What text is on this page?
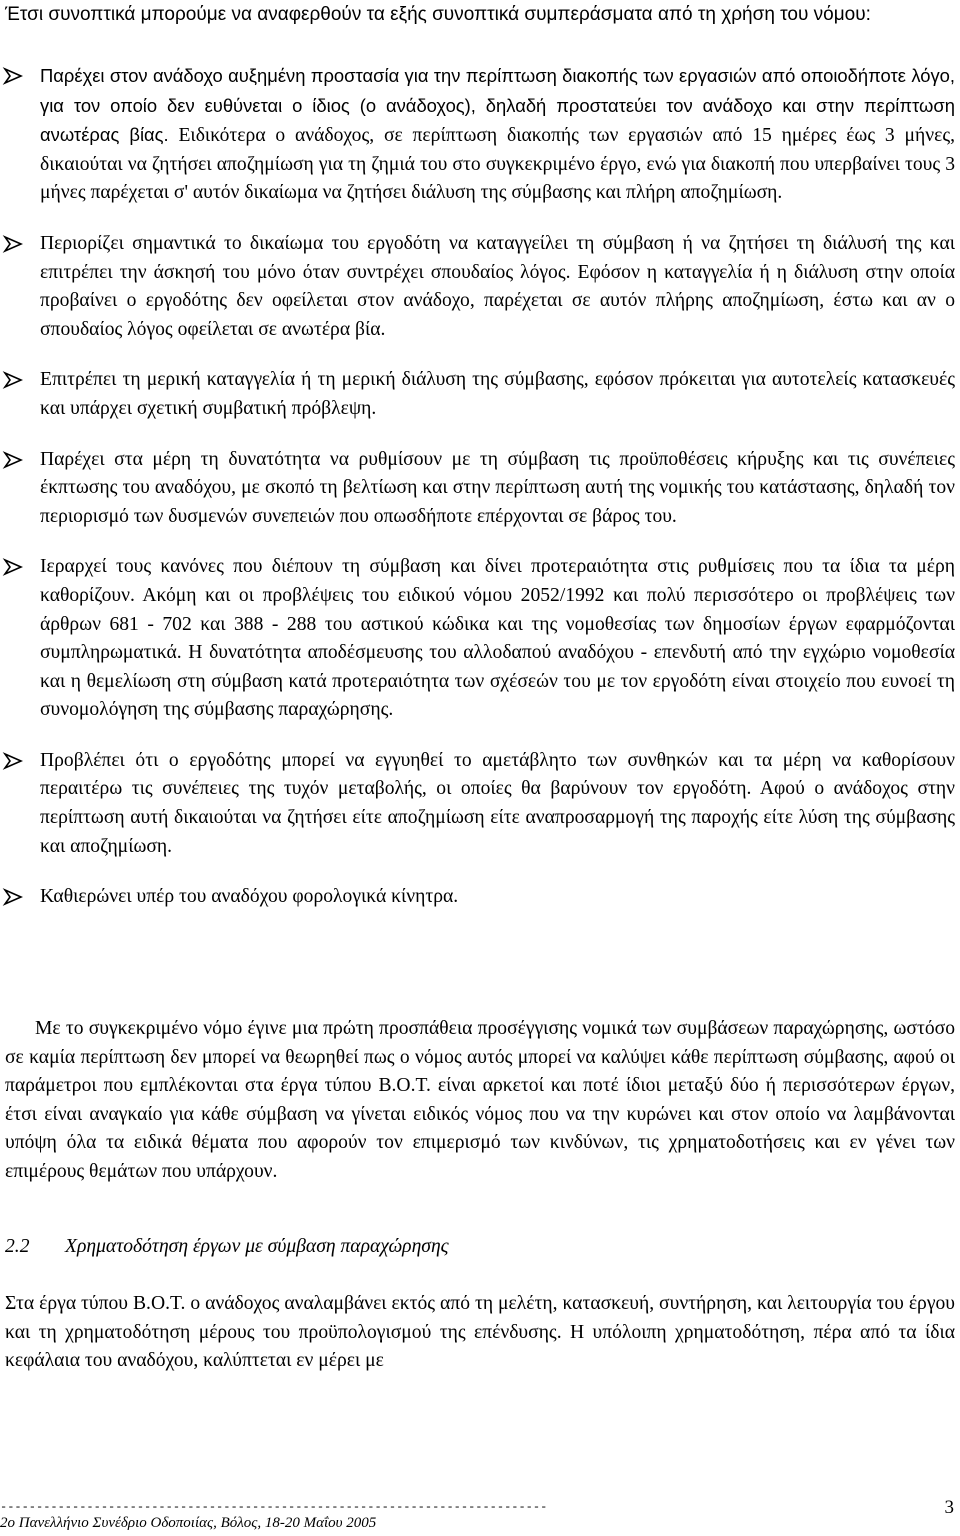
Έτσι συνοπτικά μπορούμε να αναφερθούν τα εξής συνοπτικά συμπεράσματα από τη χρήση του νόμου:

Παρέχει στον ανάδοχο αυξημένη προστασία για την περίπτωση διακοπής των εργασιών από οποιοδήποτε λόγο, για τον οποίο δεν ευθύνεται ο ίδιος (ο ανάδοχος), δηλαδή προστατεύει τον ανάδοχο και στην περίπτωση ανωτέρας βίας. Ειδικότερα ο ανάδοχος, σε περίπτωση διακοπής των εργασιών από 15 ημέρες έως 3 μήνες, δικαιούται να ζητήσει αποζημίωση για τη ζημιά του στο συγκεκριμένο έργο, ενώ για διακοπή που υπερβαίνει τους 3 μήνες παρέχεται σ' αυτόν δικαίωμα να ζητήσει διάλυση της σύμβασης και πλήρη αποζημίωση.
Περιορίζει σημαντικά το δικαίωμα του εργοδότη να καταγγείλει τη σύμβαση ή να ζητήσει τη διάλυσή της και επιτρέπει την άσκησή του μόνο όταν συντρέχει σπουδαίος λόγος. Εφόσον η καταγγελία ή η διάλυση στην οποία προβαίνει ο εργοδότης δεν οφείλεται στον ανάδοχο, παρέχεται σε αυτόν πλήρης αποζημίωση, έστω και αν ο σπουδαίος λόγος οφείλεται σε ανωτέρα βία.
Επιτρέπει τη μερική καταγγελία ή τη μερική διάλυση της σύμβασης, εφόσον πρόκειται για αυτοτελείς κατασκευές και υπάρχει σχετική συμβατική πρόβλεψη.
Παρέχει στα μέρη τη δυνατότητα να ρυθμίσουν με τη σύμβαση τις προϋποθέσεις κήρυξης και τις συνέπειες έκπτωσης του αναδόχου, με σκοπό τη βελτίωση και στην περίπτωση αυτή της νομικής του κατάστασης, δηλαδή τον περιορισμό των δυσμενών συνεπειών που οπωσδήποτε επέρχονται σε βάρος του.
Ιεραρχεί τους κανόνες που διέπουν τη σύμβαση και δίνει προτεραιότητα στις ρυθμίσεις που τα ίδια τα μέρη καθορίζουν. Ακόμη και οι προβλέψεις του ειδικού νόμου 2052/1992 και πολύ περισσότερο οι προβλέψεις των άρθρων 681 - 702 και 388 - 288 του αστικού κώδικα και της νομοθεσίας των δημοσίων έργων εφαρμόζονται συμπληρωματικά. Η δυνατότητα αποδέσμευσης του αλλοδαπού αναδόχου - επενδυτή από την εγχώριο νομοθεσία και η θεμελίωση στη σύμβαση κατά προτεραιότητα των σχέσεών του με τον εργοδότη είναι στοιχείο που ευνοεί τη συνομολόγηση της σύμβασης παραχώρησης.
Προβλέπει ότι ο εργοδότης μπορεί να εγγυηθεί το αμετάβλητο των συνθηκών και τα μέρη να καθορίσουν περαιτέρω τις συνέπειες της τυχόν μεταβολής, οι οποίες θα βαρύνουν τον εργοδότη. Αφού ο ανάδοχος στην περίπτωση αυτή δικαιούται να ζητήσει είτε αποζημίωση είτε αναπροσαρμογή της παροχής είτε λύση της σύμβασης και αποζημίωση.
Καθιερώνει υπέρ του αναδόχου φορολογικά κίνητρα.

Με το συγκεκριμένο νόμο έγινε μια πρώτη προσπάθεια προσέγγισης νομικά των συμβάσεων παραχώρησης, ωστόσο σε καμία περίπτωση δεν μπορεί να θεωρηθεί πως ο νόμος αυτός μπορεί να καλύψει κάθε περίπτωση σύμβασης, αφού οι παράμετροι που εμπλέκονται στα έργα τύπου Β.Ο.Τ. είναι αρκετοί και ποτέ ίδιοι μεταξύ δύο ή περισσότερων έργων, έτσι είναι αναγκαίο για κάθε σύμβαση να γίνεται ειδικός νόμος που να την κυρώνει και στον οποίο να λαμβάνονται υπόψη όλα τα ειδικά θέματα που αφορούν τον επιμερισμό των κινδύνων, τις χρηματοδοτήσεις και εν γένει των επιμέρους θεμάτων που υπάρχουν.

2.2 Χρηματοδότηση έργων με σύμβαση παραχώρησης

Στα έργα τύπου Β.Ο.Τ. ο ανάδοχος αναλαμβάνει εκτός από τη μελέτη, κατασκευή, συντήρηση, και λειτουργία του έργου και τη χρηματοδότηση μέρους του προϋπολογισμού της επένδυσης. Η υπόλοιπη χρηματοδότηση, πέρα από τα ίδια κεφάλαια του αναδόχου, καλύπτεται εν μέρει με

----------------------------------------------------------------------------
2ο Πανελλήνιο Συνέδριο Οδοποιίας, Βόλος, 18-20 Μαΐου 2005
3
